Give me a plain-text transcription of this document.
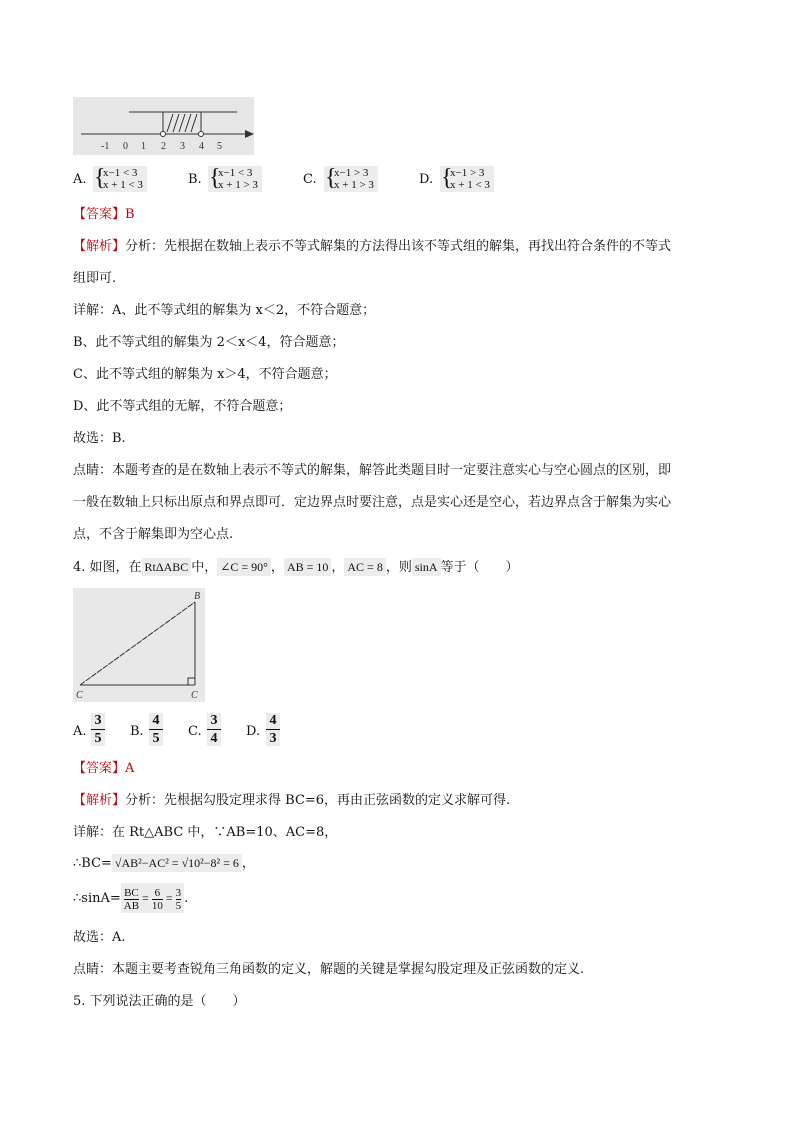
-1 0 1 2 3 4 5
A. {
x−1 < 3
x + 1 < 3	B. {
x−1 < 3
x + 1 > 3	C. {
x−1 > 3
x + 1 > 3	D. {
x−1 > 3
x + 1 < 3
【答案】B
【解析】分析：先根据在数轴上表示不等式解集的方法得出该不等式组的解集，再找出符合条件的不等式
组即可.
详解：A、此不等式组的解集为 x＜2，不符合题意；
B、此不等式组的解集为 2＜x＜4，符合题意；
C、此不等式组的解集为 x＞4，不符合题意；
D、此不等式组的无解，不符合题意；
故选：B.
点睛：本题考查的是在数轴上表示不等式的解集，解答此类题目时一定要注意实心与空心圆点的区别，即
一般在数轴上只标出原点和界点即可．定边界点时要注意，点是实心还是空心，若边界点含于解集为实心
点，不含于解集即为空心点.
4. 如图，在 RtΔABC 中， ∠C = 90° ， AB = 10 ， AC = 8 ，则 sinA 等于（　　）
B
C
C
A.
3
5 B.
4
5 C.
3
4 D.
4
3
【答案】A
【解析】分析：先根据勾股定理求得 BC=6，再由正弦函数的定义求解可得.
详解：在 Rt△ABC 中，∵AB=10、AC=8，
∴BC= √AB²−AC² = √10²−8² = 6 ，
∴sinA= $\frac{BC}{AB} = \frac{6}{10} = \frac{3}{5}$ .
故选：A.
点睛：本题主要考查锐角三角函数的定义，解题的关键是掌握勾股定理及正弦函数的定义.
5. 下列说法正确的是（　　）
